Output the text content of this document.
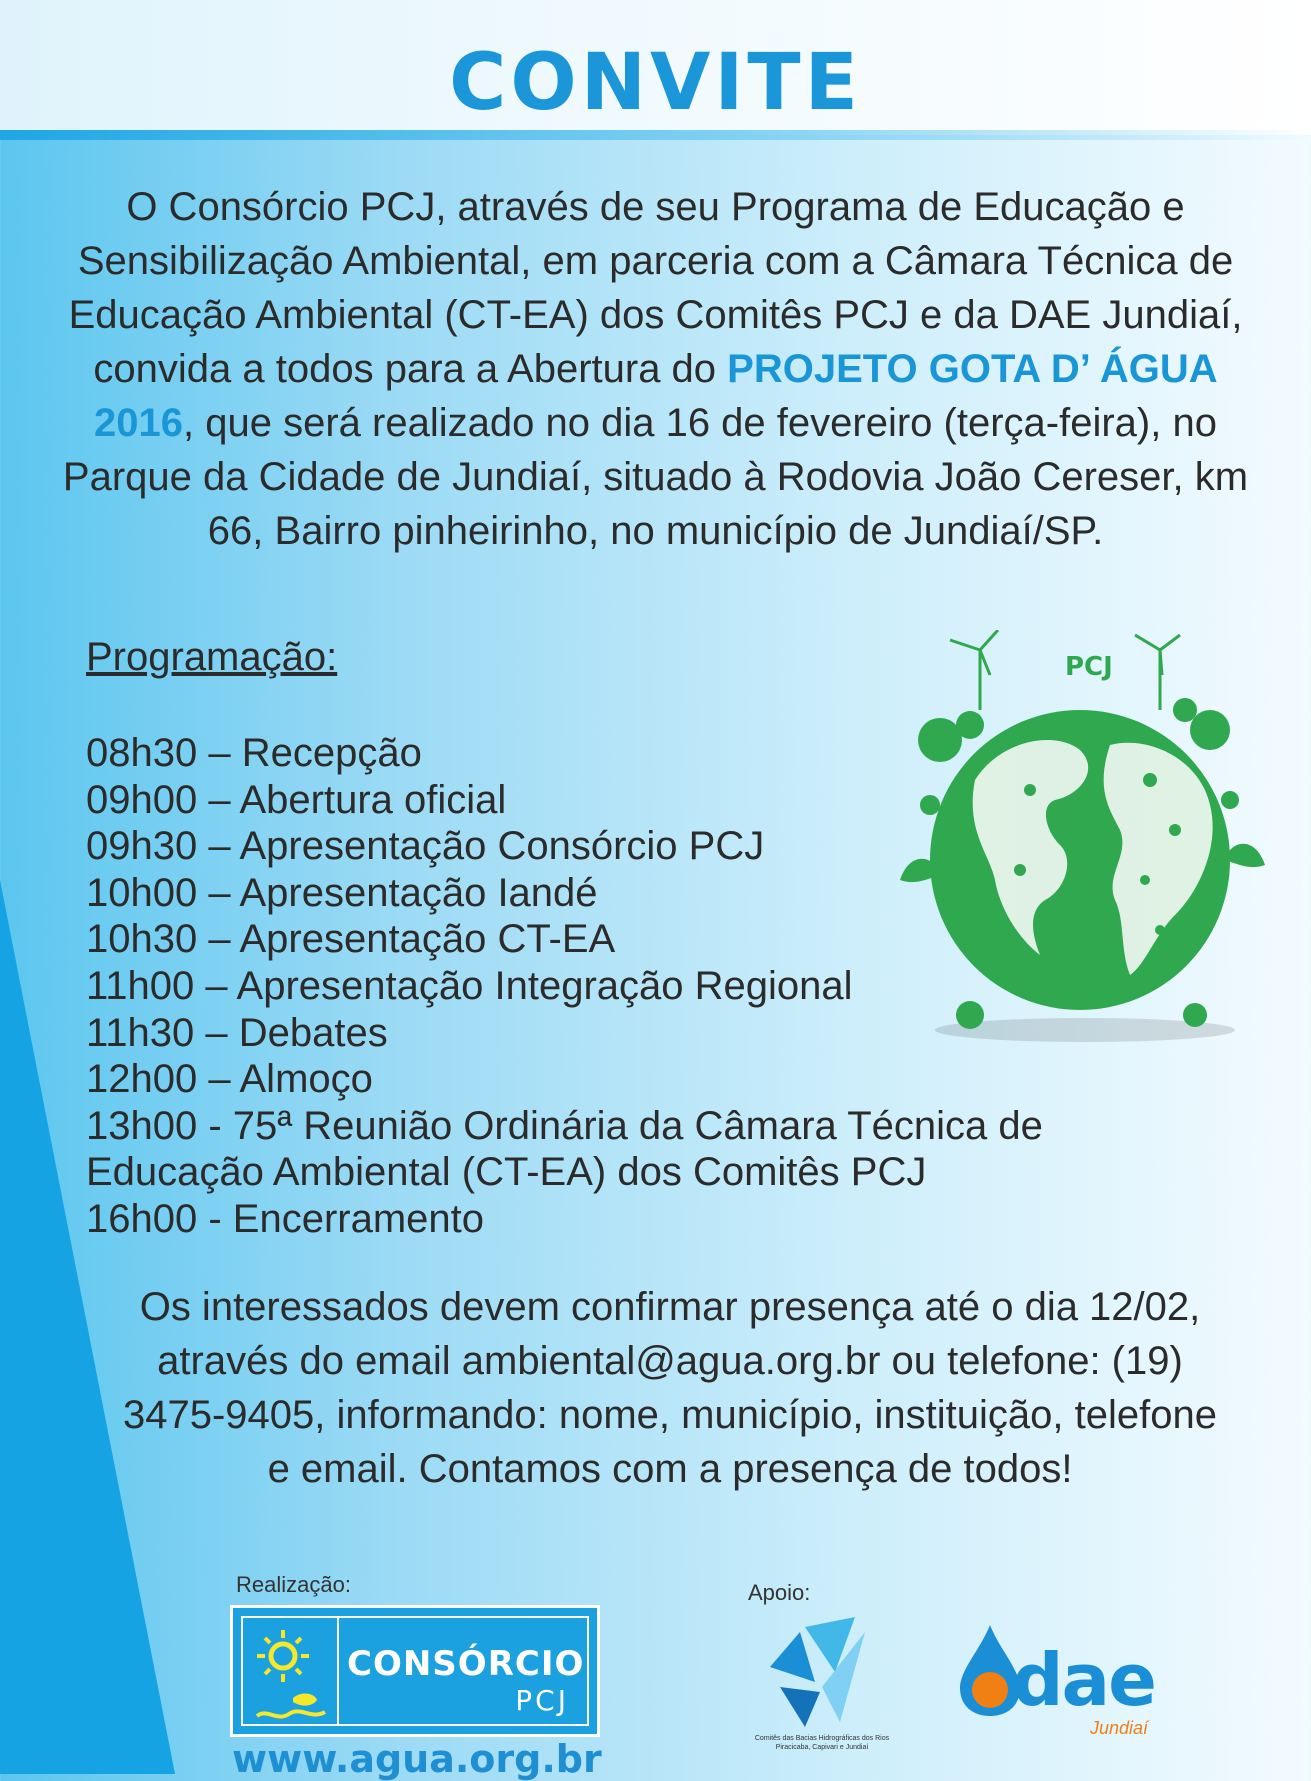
CONVITE
O Consórcio PCJ, através de seu Programa de Educação e Sensibilização Ambiental, em parceria com a Câmara Técnica de Educação Ambiental (CT-EA) dos Comitês PCJ e da DAE Jundiaí, convida a todos para a Abertura do PROJETO GOTA D’ ÁGUA 2016, que será realizado no dia 16 de fevereiro (terça-feira), no Parque da Cidade de Jundiaí, situado à Rodovia João Cereser, km 66, Bairro pinheirinho, no município de Jundiaí/SP.
Programação:
08h30 – Recepção
09h00 – Abertura oficial
09h30 – Apresentação Consórcio PCJ
10h00 – Apresentação Iandé
10h30 – Apresentação CT-EA
11h00 – Apresentação Integração Regional
11h30 – Debates
12h00 – Almoço
13h00 - 75ª Reunião Ordinária da Câmara Técnica de
Educação Ambiental (CT-EA) dos Comitês PCJ
16h00 - Encerramento
PCJ
Os interessados devem confirmar presença até o dia 12/02, através do email ambiental@agua.org.br ou telefone: (19) 3475-9405, informando: nome, município, instituição, telefone e email. Contamos com a presença de todos!
Realização:	Apoio:
CONSÓRCIO
PCJ
www.agua.org.br	Comitês das Bacias Hidrográficas dos Rios Piracicaba, Capivari e Jundiaí
dae
Jundiaí
